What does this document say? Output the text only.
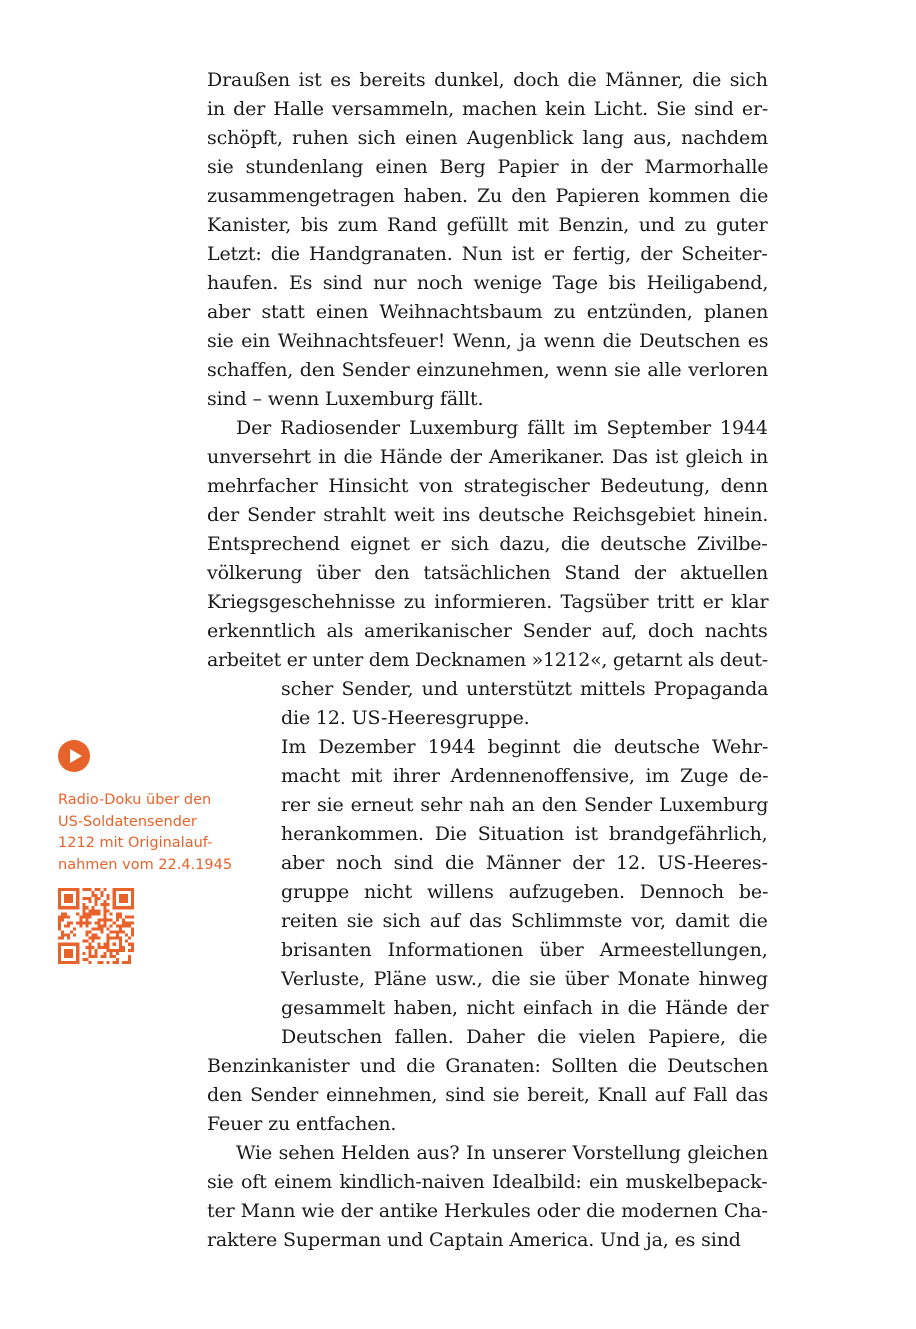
Draußen ist es bereits dunkel, doch die Männer, die sich
in der Halle versammeln, machen kein Licht. Sie sind er-
schöpft, ruhen sich einen Augenblick lang aus, nachdem
sie stundenlang einen Berg Papier in der Marmorhalle
zusammengetragen haben. Zu den Papieren kommen die
Kanister, bis zum Rand gefüllt mit Benzin, und zu guter
Letzt: die Handgranaten. Nun ist er fertig, der Scheiter-
haufen. Es sind nur noch wenige Tage bis Heiligabend,
aber statt einen Weihnachtsbaum zu entzünden, planen
sie ein Weihnachtsfeuer! Wenn, ja wenn die Deutschen es
schaffen, den Sender einzunehmen, wenn sie alle verloren
sind – wenn Luxemburg fällt.
Der Radiosender Luxemburg fällt im September 1944
unversehrt in die Hände der Amerikaner. Das ist gleich in
mehrfacher Hinsicht von strategischer Bedeutung, denn
der Sender strahlt weit ins deutsche Reichsgebiet hinein.
Entsprechend eignet er sich dazu, die deutsche Zivilbe-
völkerung über den tatsächlichen Stand der aktuellen
Kriegsgeschehnisse zu informieren. Tagsüber tritt er klar
erkenntlich als amerikanischer Sender auf, doch nachts
arbeitet er unter dem Decknamen »1212«, getarnt als deut-
scher Sender, und unterstützt mittels Propaganda
die 12. US-Heeresgruppe.
Im Dezember 1944 beginnt die deutsche Wehr-
macht mit ihrer Ardennenoffensive, im Zuge de-
rer sie erneut sehr nah an den Sender Luxemburg
herankommen. Die Situation ist brandgefährlich,
aber noch sind die Männer der 12. US-Heeres-
gruppe nicht willens aufzugeben. Dennoch be-
reiten sie sich auf das Schlimmste vor, damit die
brisanten Informationen über Armeestellungen,
Verluste, Pläne usw., die sie über Monate hinweg
gesammelt haben, nicht einfach in die Hände der
Deutschen fallen. Daher die vielen Papiere, die
Benzinkanister und die Granaten: Sollten die Deutschen
den Sender einnehmen, sind sie bereit, Knall auf Fall das
Feuer zu entfachen.
Wie sehen Helden aus? In unserer Vorstellung gleichen
sie oft einem kindlich-naiven Idealbild: ein muskelbepack-
ter Mann wie der antike Herkules oder die modernen Cha-
raktere Superman und Captain America. Und ja, es sind
Radio-Doku über den
US-Soldatensender
1212 mit Originalauf-
nahmen vom 22.4.1945
